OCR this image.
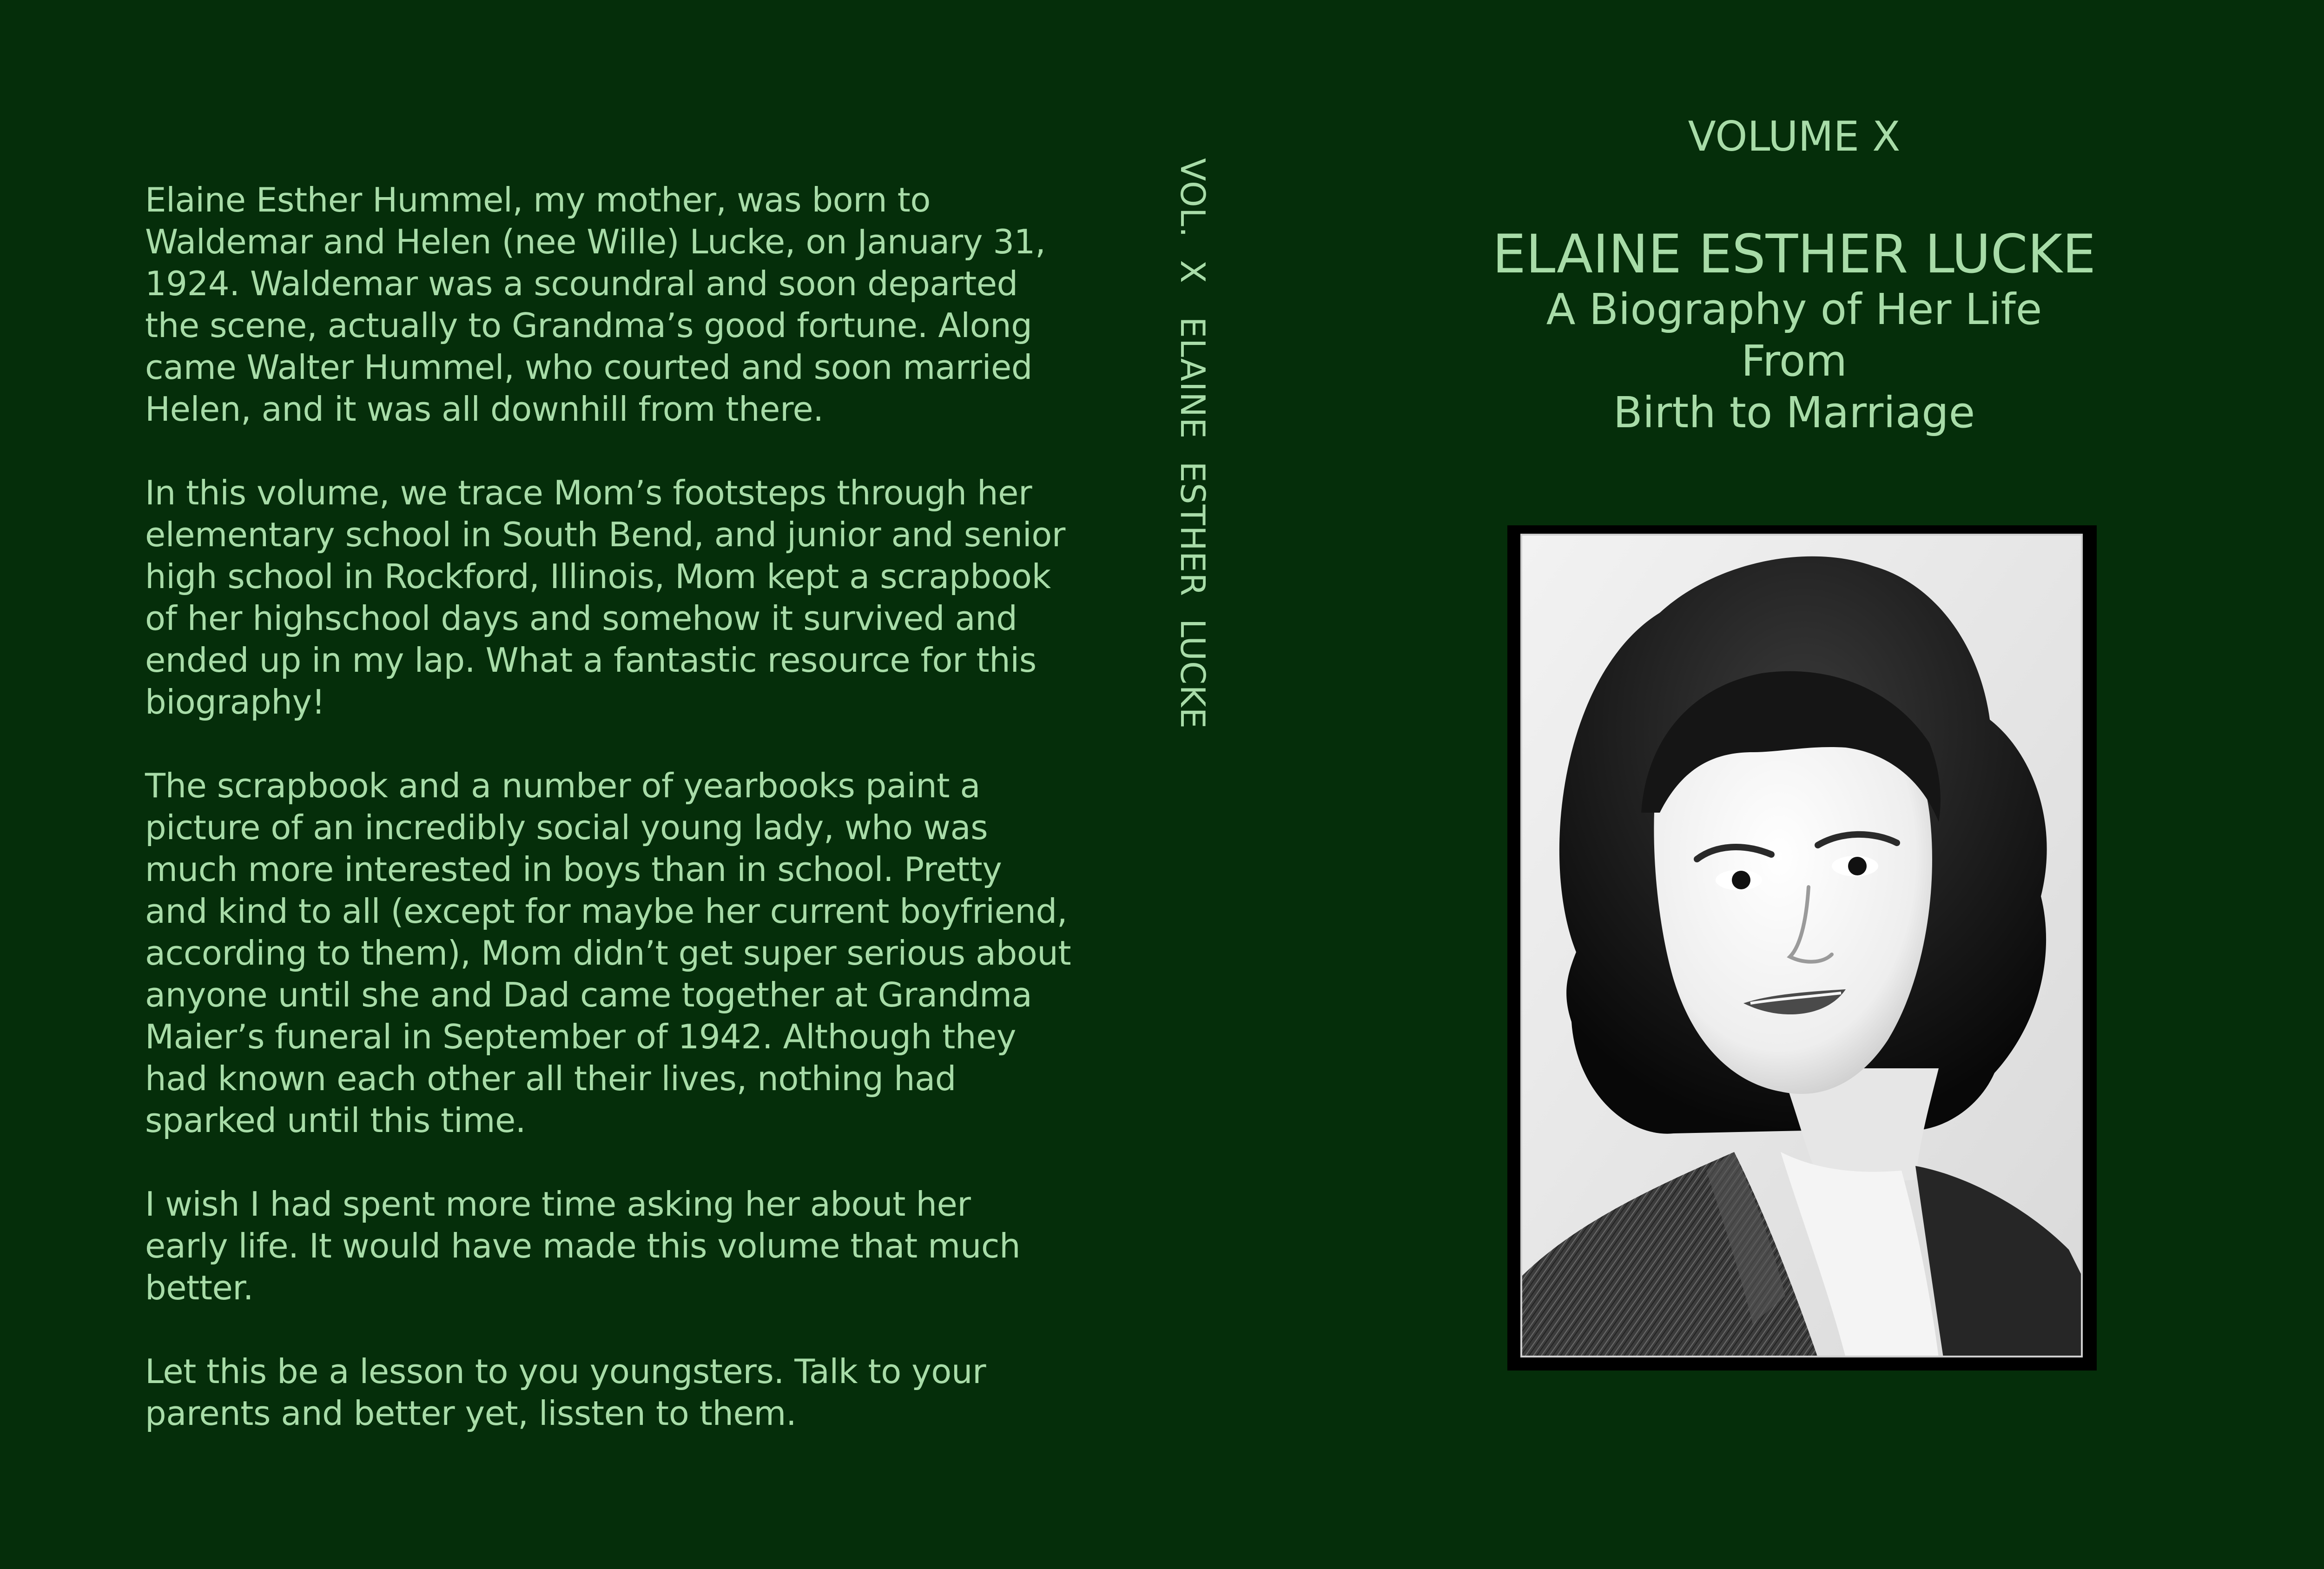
Elaine Esther Hummel, my mother, was born to
Waldemar and Helen (nee Wille) Lucke, on January 31,
1924. Waldemar was a scoundral and soon departed
the scene, actually to Grandma’s good fortune. Along
came Walter Hummel, who courted and soon married
Helen, and it was all downhill from there.

In this volume, we trace Mom’s footsteps through her
elementary school in South Bend, and junior and senior
high school in Rockford, Illinois, Mom kept a scrapbook
of her highschool days and somehow it survived and
ended up in my lap. What a fantastic resource for this
biography!

The scrapbook and a number of yearbooks paint a
picture of an incredibly social young lady, who was
much more interested in boys than in school. Pretty
and kind to all (except for maybe her current boyfriend,
according to them), Mom didn’t get super serious about
anyone until she and Dad came together at Grandma
Maier’s funeral in September of 1942. Although they
had known each other all their lives, nothing had
sparked until this time.

I wish I had spent more time asking her about her
early life. It would have made this volume that much
better.

Let this be a lesson to you youngsters. Talk to your
parents and better yet, lissten to them.

VOL.  X   ELAINE  ESTHER  LUCKE
VOLUME X
ELAINE ESTHER LUCKE
A Biography of Her Life
From
Birth to Marriage
